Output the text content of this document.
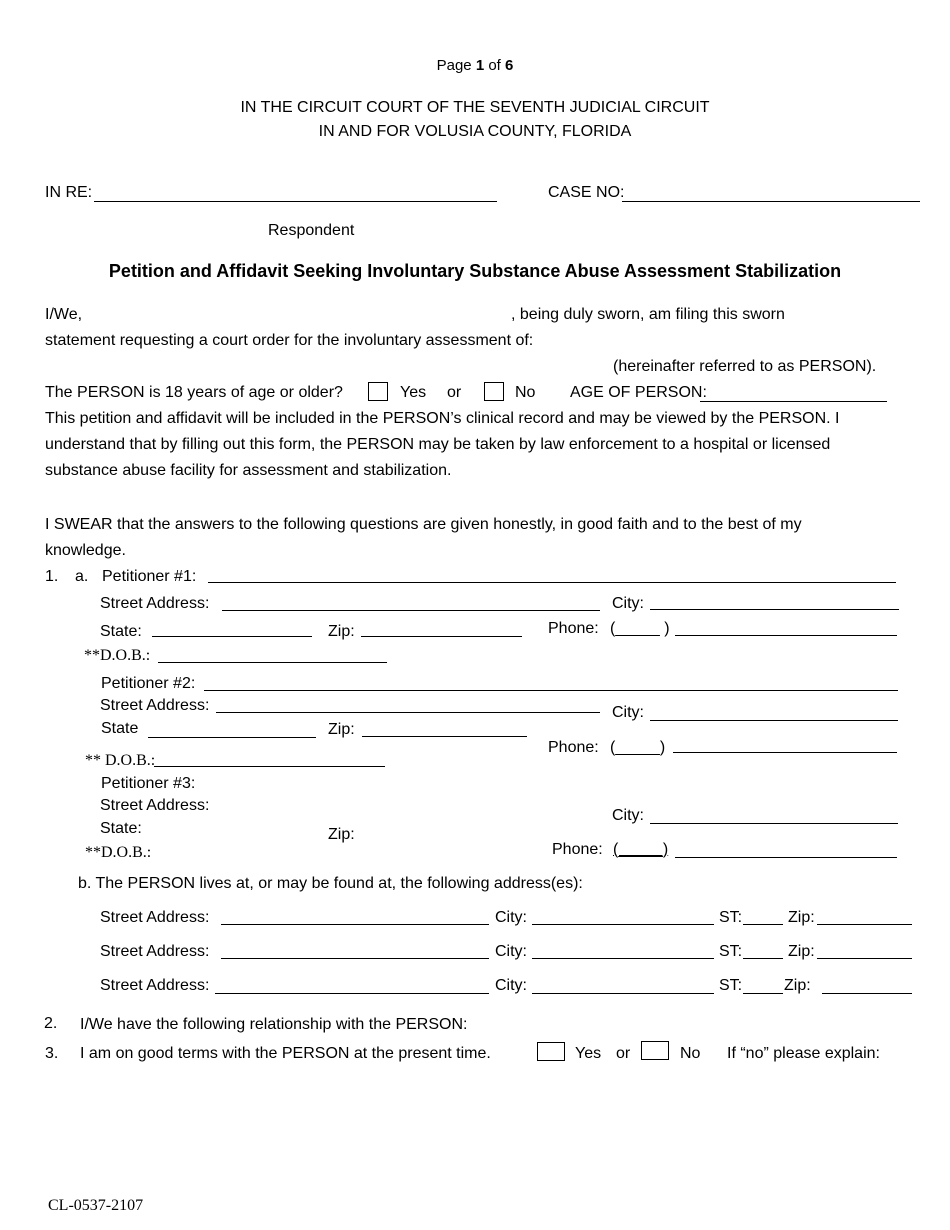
Page 1 of 6
IN THE CIRCUIT COURT OF THE SEVENTH JUDICIAL CIRCUIT
IN AND FOR VOLUSIA COUNTY, FLORIDA
IN RE:	CASE NO:
Respondent
Petition and Affidavit Seeking Involuntary Substance Abuse Assessment Stabilization
I/We,	, being duly sworn, am filing this sworn
statement requesting a court order for the involuntary assessment of:
(hereinafter referred to as PERSON).
The PERSON is 18 years of age or older?	Yes or	No AGE OF PERSON:
This petition and affidavit will be included in the PERSON’s clinical record and may be viewed by the PERSON. I understand that by filling out this form, the PERSON may be taken by law enforcement to a hospital or licensed substance abuse facility for assessment and stabilization.
I SWEAR that the answers to the following questions are given honestly, in good faith and to the best of my knowledge.
1. a. Petitioner #1:
Street Address:	City:
State:	Zip:	Phone: (_____ )
**D.O.B.:
Petitioner #2:
Street Address:	City:
State	Zip:
Phone: (_____)
** D.O.B.:
Petitioner #3:
Street Address:
City:
State:	Zip:
Phone: (_____)
**D.O.B.:
b. The PERSON lives at, or may be found at, the following address(es):
Street Address:	City:	ST:	Zip:
Street Address:	City:	ST:	Zip:
Street Address:	City:	ST:	Zip:
2. I/We have the following relationship with the PERSON:
3. I am on good terms with the PERSON at the present time.	Yes or	No If “no” please explain:
CL-0537-2107
